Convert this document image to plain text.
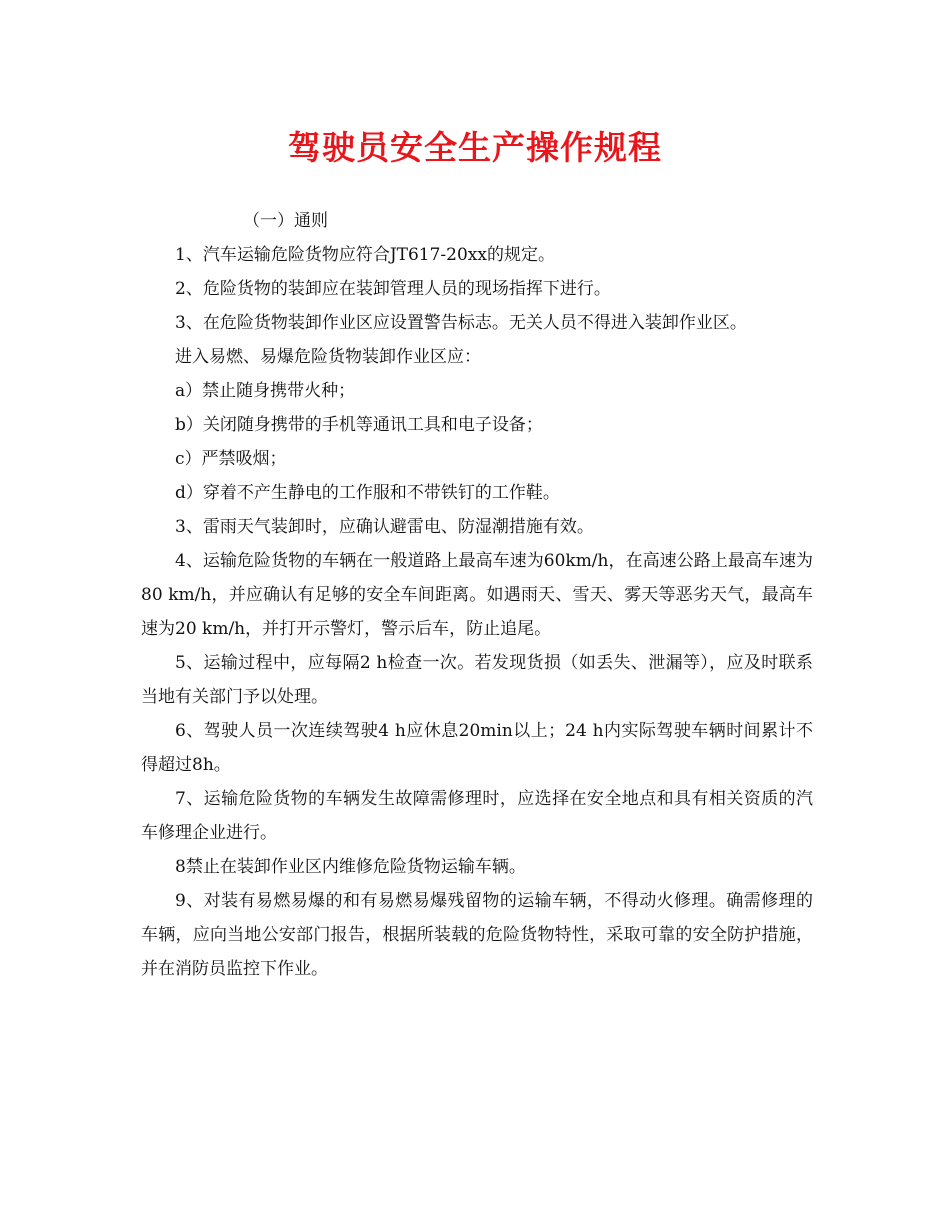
驾驶员安全生产操作规程

（一）通则

1、汽车运输危险货物应符合JT617-20xx的规定。

2、危险货物的装卸应在装卸管理人员的现场指挥下进行。

3、在危险货物装卸作业区应设置警告标志。无关人员不得进入装卸作业区。

进入易燃、易爆危险货物装卸作业区应：

a）禁止随身携带火种；

b）关闭随身携带的手机等通讯工具和电子设备；

c）严禁吸烟；

d）穿着不产生静电的工作服和不带铁钉的工作鞋。

3、雷雨天气装卸时，应确认避雷电、防湿潮措施有效。

4、运输危险货物的车辆在一般道路上最高车速为60km/h，在高速公路上最高车速为80 km/h，并应确认有足够的安全车间距离。如遇雨天、雪天、雾天等恶劣天气，最高车速为20 km/h，并打开示警灯，警示后车，防止追尾。

5、运输过程中，应每隔2 h检查一次。若发现货损（如丢失、泄漏等），应及时联系当地有关部门予以处理。

6、驾驶人员一次连续驾驶4 h应休息20min以上；24 h内实际驾驶车辆时间累计不得超过8h。

7、运输危险货物的车辆发生故障需修理时，应选择在安全地点和具有相关资质的汽车修理企业进行。

8禁止在装卸作业区内维修危险货物运输车辆。

9、对装有易燃易爆的和有易燃易爆残留物的运输车辆，不得动火修理。确需修理的车辆，应向当地公安部门报告，根据所装载的危险货物特性，采取可靠的安全防护措施，并在消防员监控下作业。
